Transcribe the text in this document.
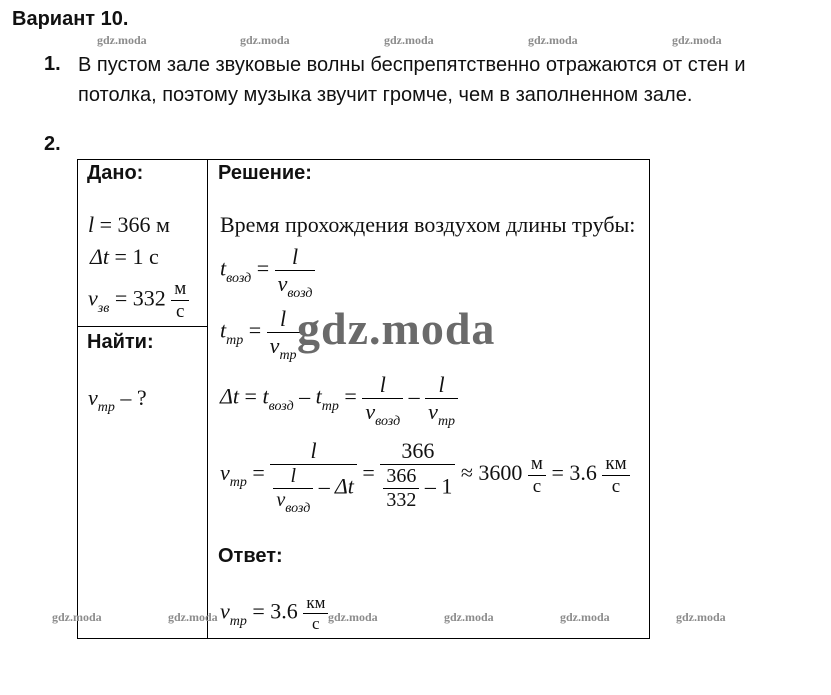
Вариант 10.
gdz.moda	gdz.moda	gdz.moda	gdz.moda	gdz.moda
1. В пустом зале звуковые волны беспрепятственно отражаются от стен и потолка, поэтому музыка звучит громче, чем в заполненном зале.
2.
Дано:
Найти:
Решение:
Ответ:
l = 366 м
Δt = 1 с
$v_{зв} = 332 \frac{м}{с}$
$v_{тр}$ – ?
Время прохождения воздухом длины трубы:
$t_{возд} = \frac{l}{v_{возд}}$
$t_{тр} = \frac{l}{v_{тр}}$
gdz.moda
$\Delta t = t_{возд} - t_{тр} = \frac{l}{v_{возд}} - \frac{l}{v_{тр}}$
$v_{тр} = \frac{l}{\frac{l}{v_{возд}} - \Delta t} = \frac{366}{\frac{366}{332} - 1} \approx 3600 \frac{м}{с} = 3.6 \frac{км}{с}$
$v_{тр} = 3.6 \frac{км}{с}$
gdz.moda	gdz.moda	gdz.moda	gdz.moda	gdz.moda	gdz.moda
